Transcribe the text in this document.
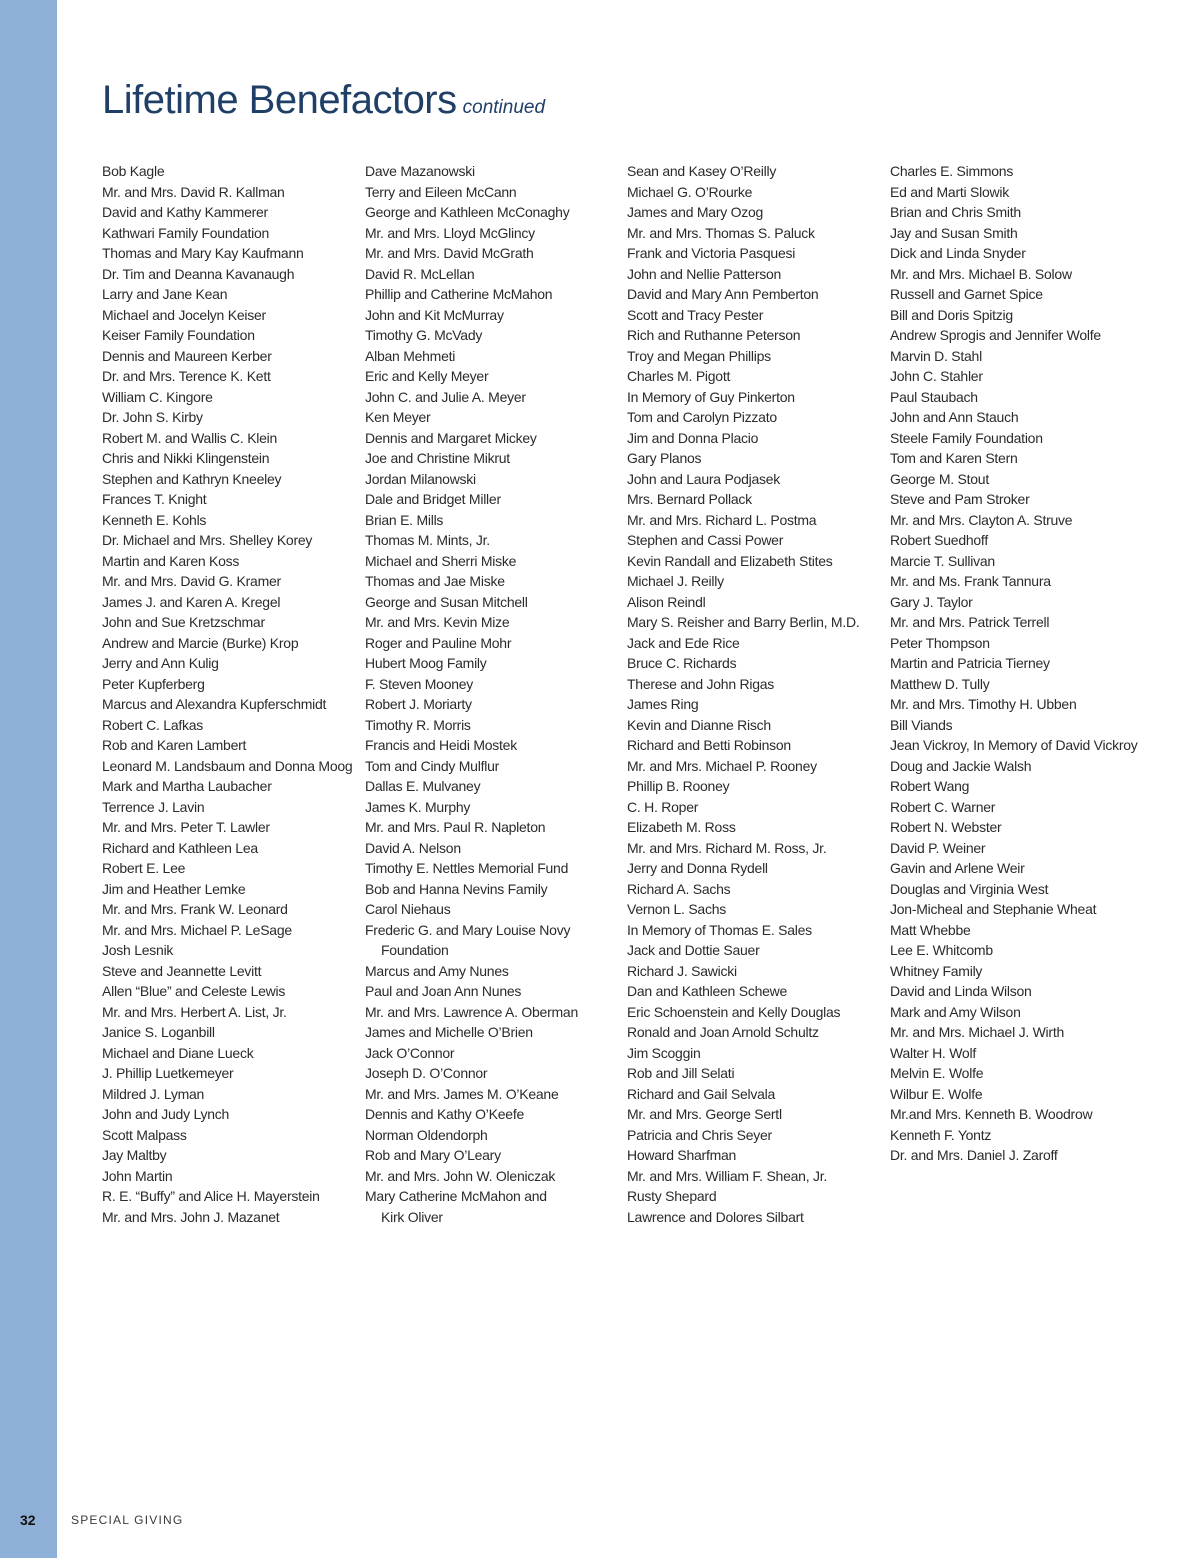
Lifetime Benefactors continued
Bob Kagle
Mr. and Mrs. David R. Kallman
David and Kathy Kammerer
Kathwari Family Foundation
Thomas and Mary Kay Kaufmann
Dr. Tim and Deanna Kavanaugh
Larry and Jane Kean
Michael and Jocelyn Keiser
Keiser Family Foundation
Dennis and Maureen Kerber
Dr. and Mrs. Terence K. Kett
William C. Kingore
Dr. John S. Kirby
Robert M. and Wallis C. Klein
Chris and Nikki Klingenstein
Stephen and Kathryn Kneeley
Frances T. Knight
Kenneth E. Kohls
Dr. Michael and Mrs. Shelley Korey
Martin and Karen Koss
Mr. and Mrs. David G. Kramer
James J. and Karen A. Kregel
John and Sue Kretzschmar
Andrew and Marcie (Burke) Krop
Jerry and Ann Kulig
Peter Kupferberg
Marcus and Alexandra Kupferschmidt
Robert C. Lafkas
Rob and Karen Lambert
Leonard M. Landsbaum and Donna Moog
Mark and Martha Laubacher
Terrence J. Lavin
Mr. and Mrs. Peter T. Lawler
Richard and Kathleen Lea
Robert E. Lee
Jim and Heather Lemke
Mr. and Mrs. Frank W. Leonard
Mr. and Mrs. Michael P. LeSage
Josh Lesnik
Steve and Jeannette Levitt
Allen “Blue” and Celeste Lewis
Mr. and Mrs. Herbert A. List, Jr.
Janice S. Loganbill
Michael and Diane Lueck
J. Phillip Luetkemeyer
Mildred J. Lyman
John and Judy Lynch
Scott Malpass
Jay Maltby
John Martin
R. E. “Buffy” and Alice H. Mayerstein
Mr. and Mrs. John J. Mazanet
Dave Mazanowski
Terry and Eileen McCann
George and Kathleen McConaghy
Mr. and Mrs. Lloyd McGlincy
Mr. and Mrs. David McGrath
David R. McLellan
Phillip and Catherine McMahon
John and Kit McMurray
Timothy G. McVady
Alban Mehmeti
Eric and Kelly Meyer
John C. and Julie A. Meyer
Ken Meyer
Dennis and Margaret Mickey
Joe and Christine Mikrut
Jordan Milanowski
Dale and Bridget Miller
Brian E. Mills
Thomas M. Mints, Jr.
Michael and Sherri Miske
Thomas and Jae Miske
George and Susan Mitchell
Mr. and Mrs. Kevin Mize
Roger and Pauline Mohr
Hubert Moog Family
F. Steven Mooney
Robert J. Moriarty
Timothy R. Morris
Francis and Heidi Mostek
Tom and Cindy Mulflur
Dallas E. Mulvaney
James K. Murphy
Mr. and Mrs. Paul R. Napleton
David A. Nelson
Timothy E. Nettles Memorial Fund
Bob and Hanna Nevins Family
Carol Niehaus
Frederic G. and Mary Louise Novy
Foundation
Marcus and Amy Nunes
Paul and Joan Ann Nunes
Mr. and Mrs. Lawrence A. Oberman
James and Michelle O’Brien
Jack O’Connor
Joseph D. O’Connor
Mr. and Mrs. James M. O’Keane
Dennis and Kathy O’Keefe
Norman Oldendorph
Rob and Mary O’Leary
Mr. and Mrs. John W. Oleniczak
Mary Catherine McMahon and
Kirk Oliver
Sean and Kasey O’Reilly
Michael G. O’Rourke
James and Mary Ozog
Mr. and Mrs. Thomas S. Paluck
Frank and Victoria Pasquesi
John and Nellie Patterson
David and Mary Ann Pemberton
Scott and Tracy Pester
Rich and Ruthanne Peterson
Troy and Megan Phillips
Charles M. Pigott
In Memory of Guy Pinkerton
Tom and Carolyn Pizzato
Jim and Donna Placio
Gary Planos
John and Laura Podjasek
Mrs. Bernard Pollack
Mr. and Mrs. Richard L. Postma
Stephen and Cassi Power
Kevin Randall and Elizabeth Stites
Michael J. Reilly
Alison Reindl
Mary S. Reisher and Barry Berlin, M.D.
Jack and Ede Rice
Bruce C. Richards
Therese and John Rigas
James Ring
Kevin and Dianne Risch
Richard and Betti Robinson
Mr. and Mrs. Michael P. Rooney
Phillip B. Rooney
C. H. Roper
Elizabeth M. Ross
Mr. and Mrs. Richard M. Ross, Jr.
Jerry and Donna Rydell
Richard A. Sachs
Vernon L. Sachs
In Memory of Thomas E. Sales
Jack and Dottie Sauer
Richard J. Sawicki
Dan and Kathleen Schewe
Eric Schoenstein and Kelly Douglas
Ronald and Joan Arnold Schultz
Jim Scoggin
Rob and Jill Selati
Richard and Gail Selvala
Mr. and Mrs. George Sertl
Patricia and Chris Seyer
Howard Sharfman
Mr. and Mrs. William F. Shean, Jr.
Rusty Shepard
Lawrence and Dolores Silbart
Charles E. Simmons
Ed and Marti Slowik
Brian and Chris Smith
Jay and Susan Smith
Dick and Linda Snyder
Mr. and Mrs. Michael B. Solow
Russell and Garnet Spice
Bill and Doris Spitzig
Andrew Sprogis and Jennifer Wolfe
Marvin D. Stahl
John C. Stahler
Paul Staubach
John and Ann Stauch
Steele Family Foundation
Tom and Karen Stern
George M. Stout
Steve and Pam Stroker
Mr. and Mrs. Clayton A. Struve
Robert Suedhoff
Marcie T. Sullivan
Mr. and Ms. Frank Tannura
Gary J. Taylor
Mr. and Mrs. Patrick Terrell
Peter Thompson
Martin and Patricia Tierney
Matthew D. Tully
Mr. and Mrs. Timothy H. Ubben
Bill Viands
Jean Vickroy, In Memory of David Vickroy
Doug and Jackie Walsh
Robert Wang
Robert C. Warner
Robert N. Webster
David P. Weiner
Gavin and Arlene Weir
Douglas and Virginia West
Jon-Micheal and Stephanie Wheat
Matt Whebbe
Lee E. Whitcomb
Whitney Family
David and Linda Wilson
Mark and Amy Wilson
Mr. and Mrs. Michael J. Wirth
Walter H. Wolf
Melvin E. Wolfe
Wilbur E. Wolfe
Mr.and Mrs. Kenneth B. Woodrow
Kenneth F. Yontz
Dr. and Mrs. Daniel J. Zaroff
32	SPECIAL GIVING
